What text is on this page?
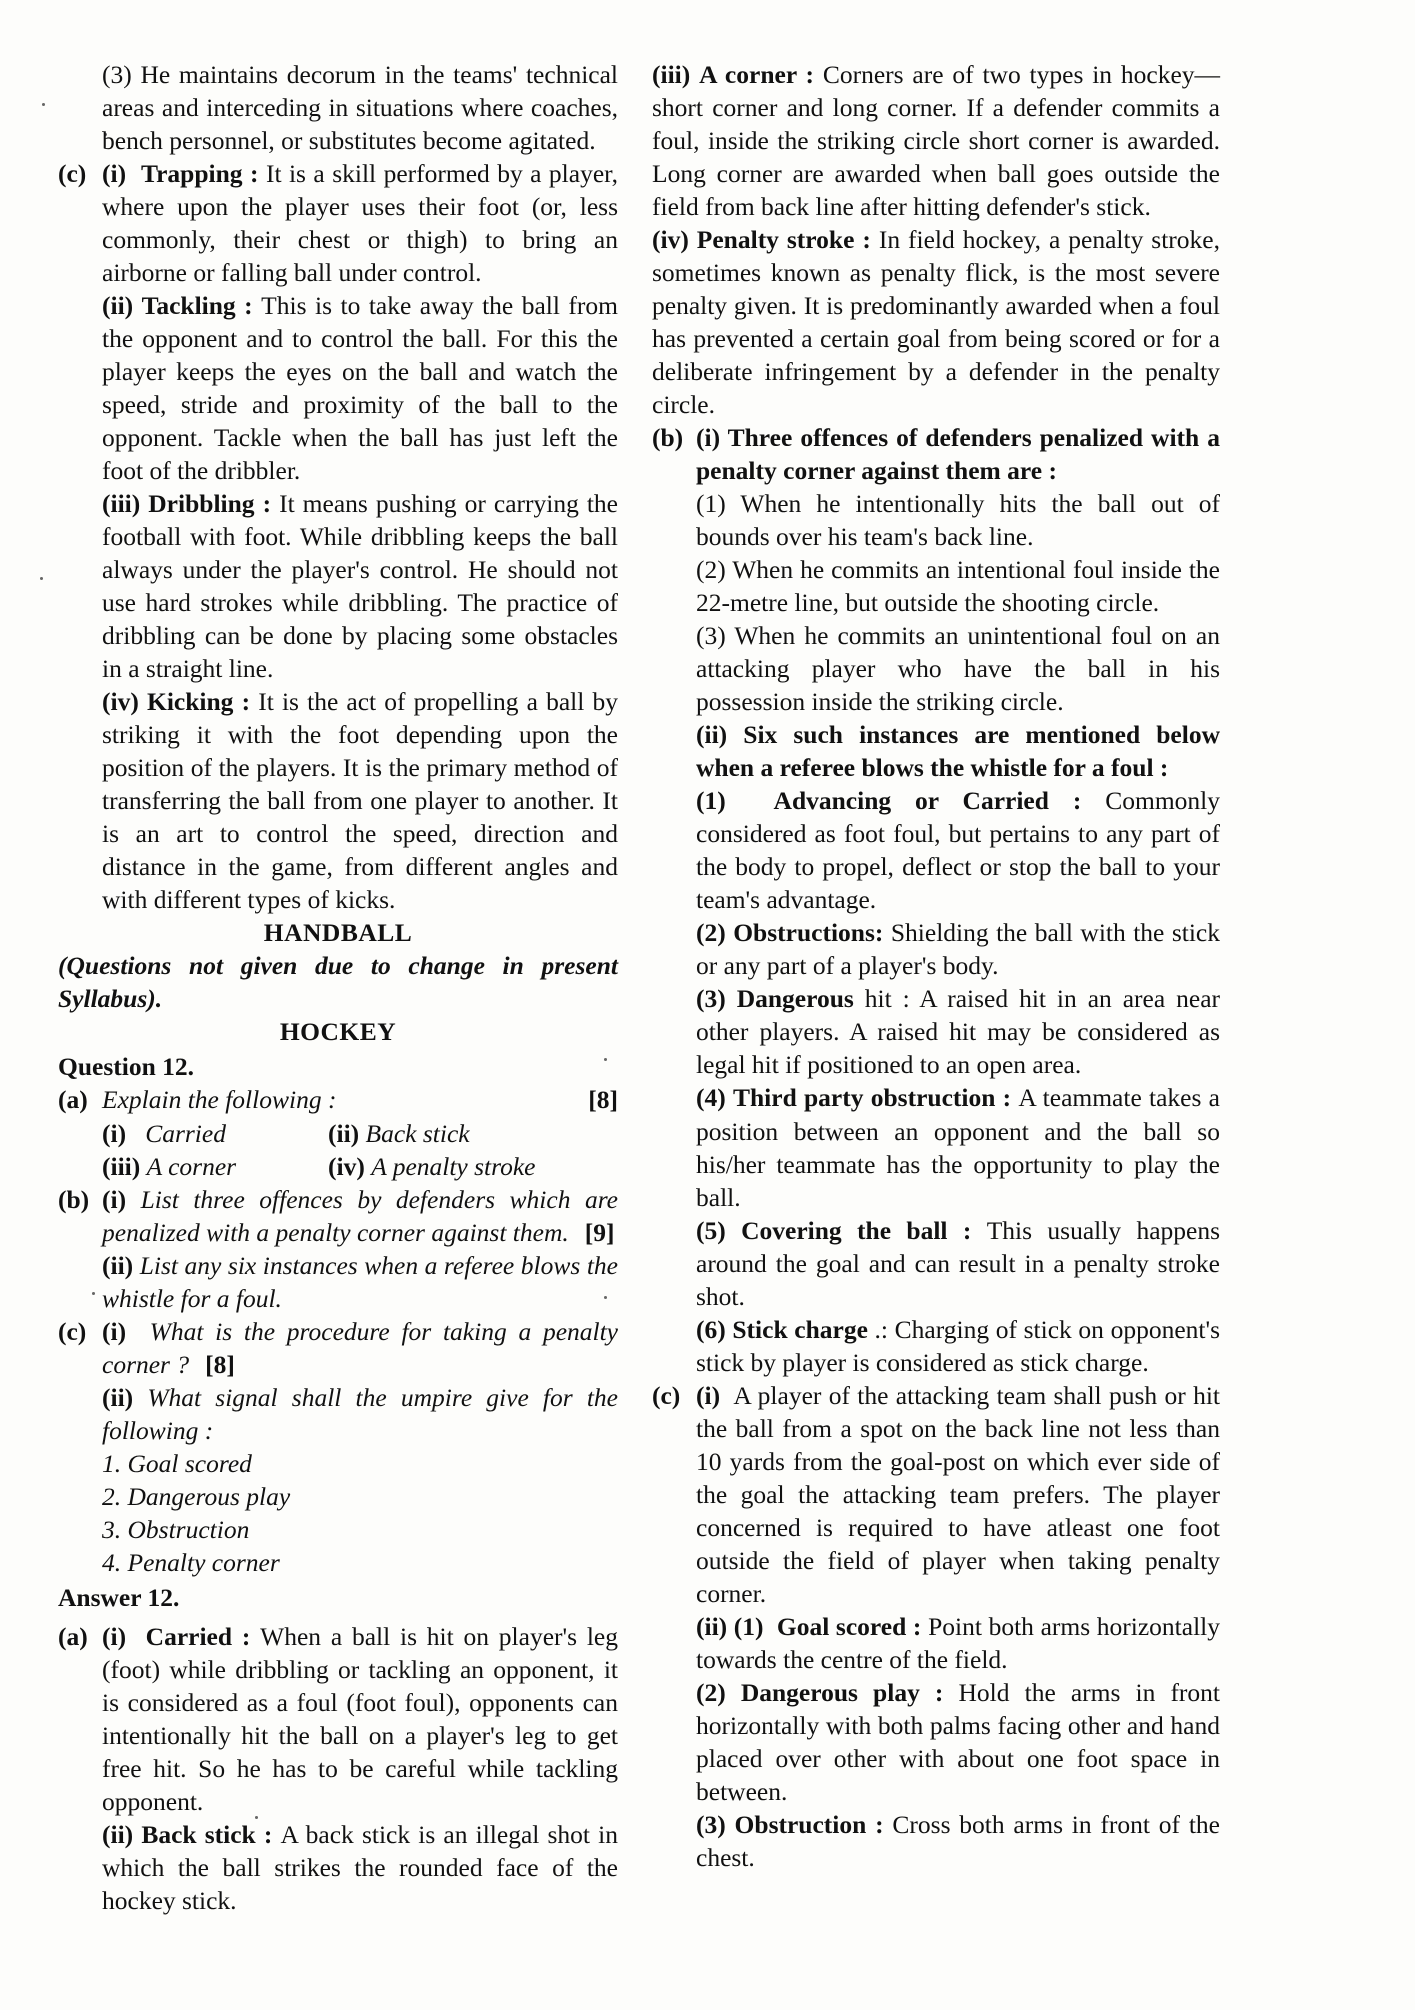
(3) He maintains decorum in the teams' technical areas and interceding in situations where coaches, bench personnel, or substitutes become agitated.
(c) (i) Trapping : It is a skill performed by a player, where upon the player uses their foot (or, less commonly, their chest or thigh) to bring an airborne or falling ball under control.
(ii) Tackling : This is to take away the ball from the opponent and to control the ball. For this the player keeps the eyes on the ball and watch the speed, stride and proximity of the ball to the opponent. Tackle when the ball has just left the foot of the dribbler.
(iii) Dribbling : It means pushing or carrying the football with foot. While dribbling keeps the ball always under the player's control. He should not use hard strokes while dribbling. The practice of dribbling can be done by placing some obstacles in a straight line.
(iv) Kicking : It is the act of propelling a ball by striking it with the foot depending upon the position of the players. It is the primary method of transferring the ball from one player to another. It is an art to control the speed, direction and distance in the game, from different angles and with different types of kicks.
HANDBALL
(Questions not given due to change in present Syllabus).
HOCKEY
Question 12.
(a)	[8]
Explain the following :
(i) Carried	(ii) Back stick
(iii) A corner	(iv) A penalty stroke
(b) (i) List three offences by defenders which are penalized with a penalty corner against them. [9]
(ii) List any six instances when a referee blows the whistle for a foul.
(c) (i) What is the procedure for taking a penalty corner ? [8]
(ii) What signal shall the umpire give for the following :
1. Goal scored
2. Dangerous play
3. Obstruction
4. Penalty corner
Answer 12.
(a) (i) Carried : When a ball is hit on player's leg (foot) while dribbling or tackling an opponent, it is considered as a foul (foot foul), opponents can intentionally hit the ball on a player's leg to get free hit. So he has to be careful while tackling opponent.
(ii) Back stick : A back stick is an illegal shot in which the ball strikes the rounded face of the hockey stick.
(iii) A corner : Corners are of two types in hockey—short corner and long corner. If a defender commits a foul, inside the striking circle short corner is awarded. Long corner are awarded when ball goes outside the field from back line after hitting defender's stick.
(iv) Penalty stroke : In field hockey, a penalty stroke, sometimes known as penalty flick, is the most severe penalty given. It is predominantly awarded when a foul has prevented a certain goal from being scored or for a deliberate infringement by a defender in the penalty circle.
(b) (i) Three offences of defenders penalized with a penalty corner against them are :
(1) When he intentionally hits the ball out of bounds over his team's back line.
(2) When he commits an intentional foul inside the 22-metre line, but outside the shooting circle.
(3) When he commits an unintentional foul on an attacking player who have the ball in his possession inside the striking circle.
(ii) Six such instances are mentioned below when a referee blows the whistle for a foul :
(1) Advancing or Carried : Commonly considered as foot foul, but pertains to any part of the body to propel, deflect or stop the ball to your team's advantage.
(2) Obstructions: Shielding the ball with the stick or any part of a player's body.
(3) Dangerous hit : A raised hit in an area near other players. A raised hit may be considered as legal hit if positioned to an open area.
(4) Third party obstruction : A teammate takes a position between an opponent and the ball so his/her teammate has the opportunity to play the ball.
(5) Covering the ball : This usually happens around the goal and can result in a penalty stroke shot.
(6) Stick charge .: Charging of stick on opponent's stick by player is considered as stick charge.
(c) (i) A player of the attacking team shall push or hit the ball from a spot on the back line not less than 10 yards from the goal-post on which ever side of the goal the attacking team prefers. The player concerned is required to have atleast one foot outside the field of player when taking penalty corner.
(ii) (1) Goal scored : Point both arms horizontally towards the centre of the field.
(2) Dangerous play : Hold the arms in front horizontally with both palms facing other and hand placed over other with about one foot space in between.
(3) Obstruction : Cross both arms in front of the chest.
